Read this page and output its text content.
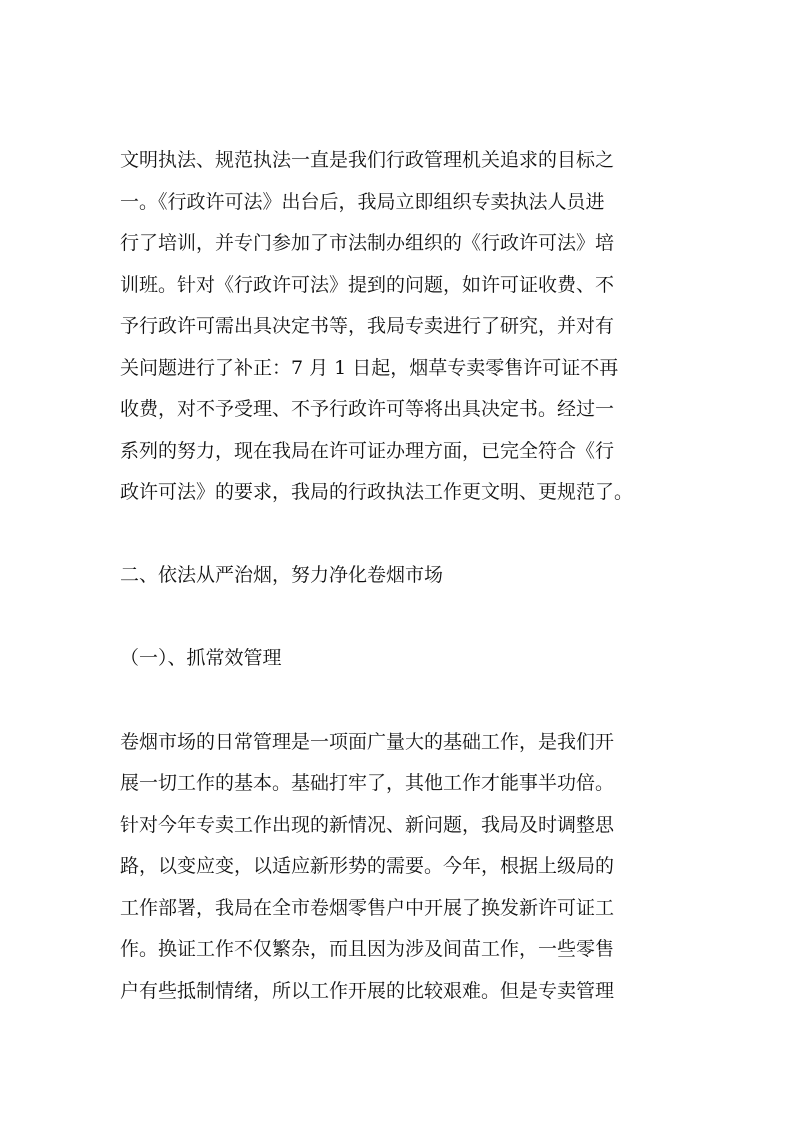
文明执法、规范执法一直是我们行政管理机关追求的目标之
一。《行政许可法》出台后，我局立即组织专卖执法人员进
行了培训，并专门参加了市法制办组织的《行政许可法》培
训班。针对《行政许可法》提到的问题，如许可证收费、不
予行政许可需出具决定书等，我局专卖进行了研究，并对有
关问题进行了补正：7 月 1 日起，烟草专卖零售许可证不再
收费，对不予受理、不予行政许可等将出具决定书。经过一
系列的努力，现在我局在许可证办理方面，已完全符合《行
政许可法》的要求，我局的行政执法工作更文明、更规范了。
二、依法从严治烟，努力净化卷烟市场
（一）、抓常效管理
卷烟市场的日常管理是一项面广量大的基础工作，是我们开
展一切工作的基本。基础打牢了，其他工作才能事半功倍。
针对今年专卖工作出现的新情况、新问题，我局及时调整思
路，以变应变，以适应新形势的需要。今年，根据上级局的
工作部署，我局在全市卷烟零售户中开展了换发新许可证工
作。换证工作不仅繁杂，而且因为涉及间苗工作，一些零售
户有些抵制情绪，所以工作开展的比较艰难。但是专卖管理
